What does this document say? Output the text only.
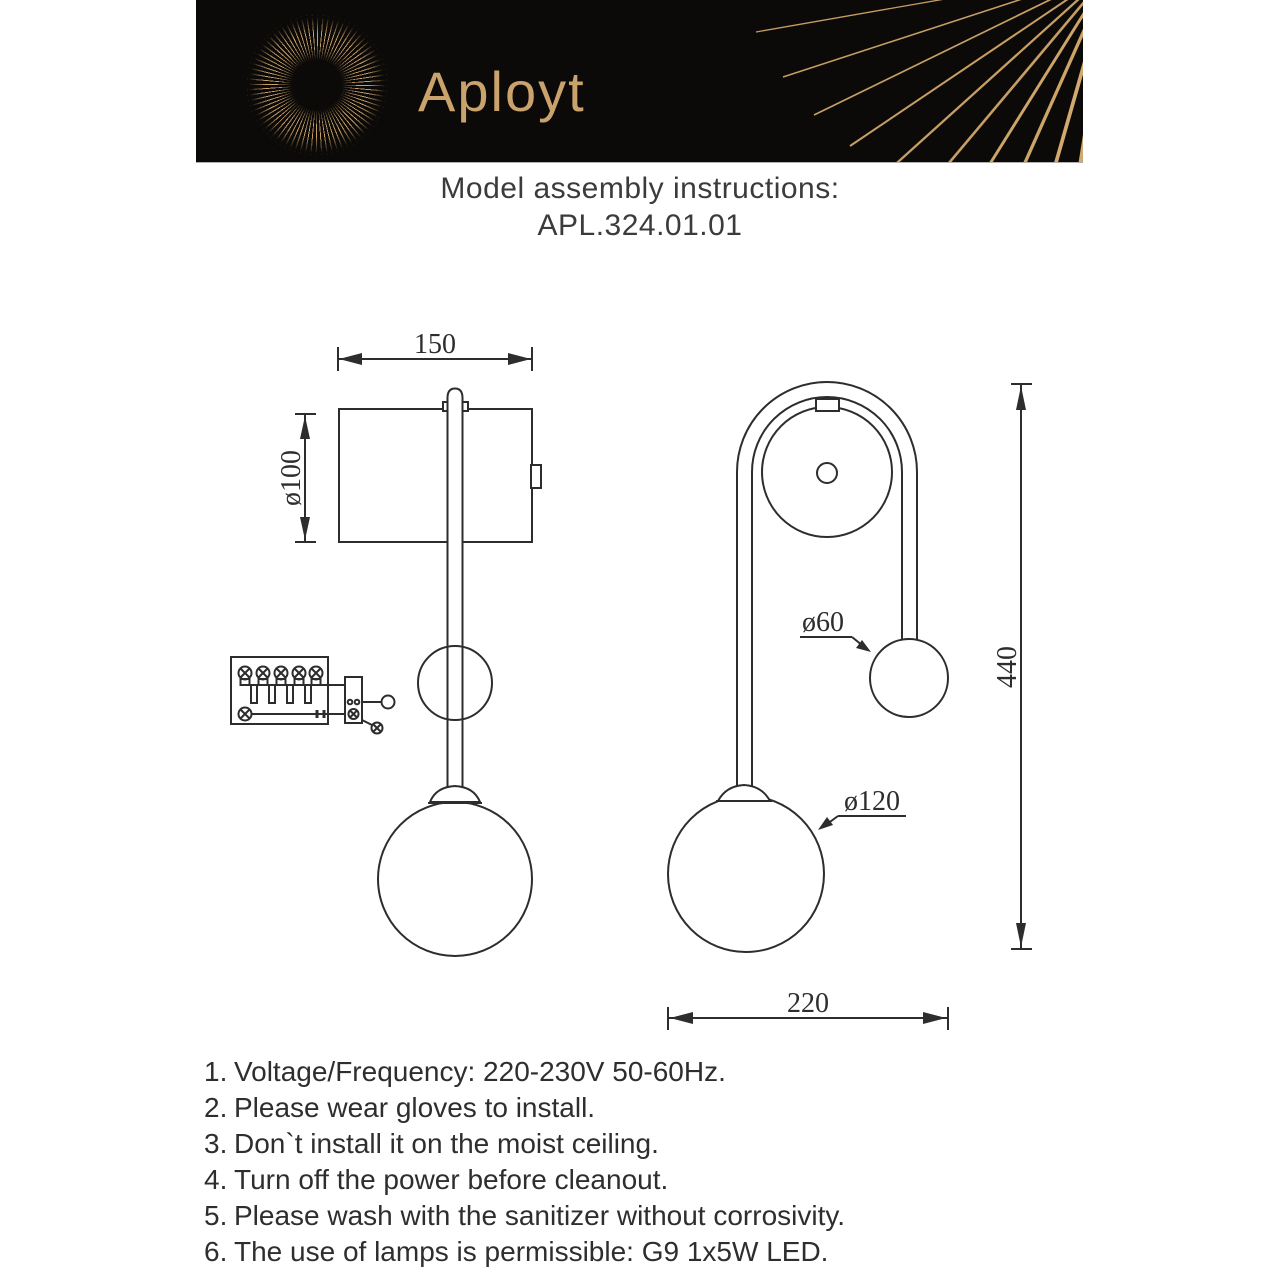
Aployt
Model assembly instructions:
APL.324.01.01
150
ø100
ø60
ø120
440
220
1. Voltage/Frequency: 220-230V 50-60Hz.
2. Please wear gloves to install.
3. Don`t install it on the moist ceiling.
4. Turn off the power before cleanout.
5. Please wash with the sanitizer without corrosivity.
6. The use of lamps is permissible: G9 1x5W LED.
